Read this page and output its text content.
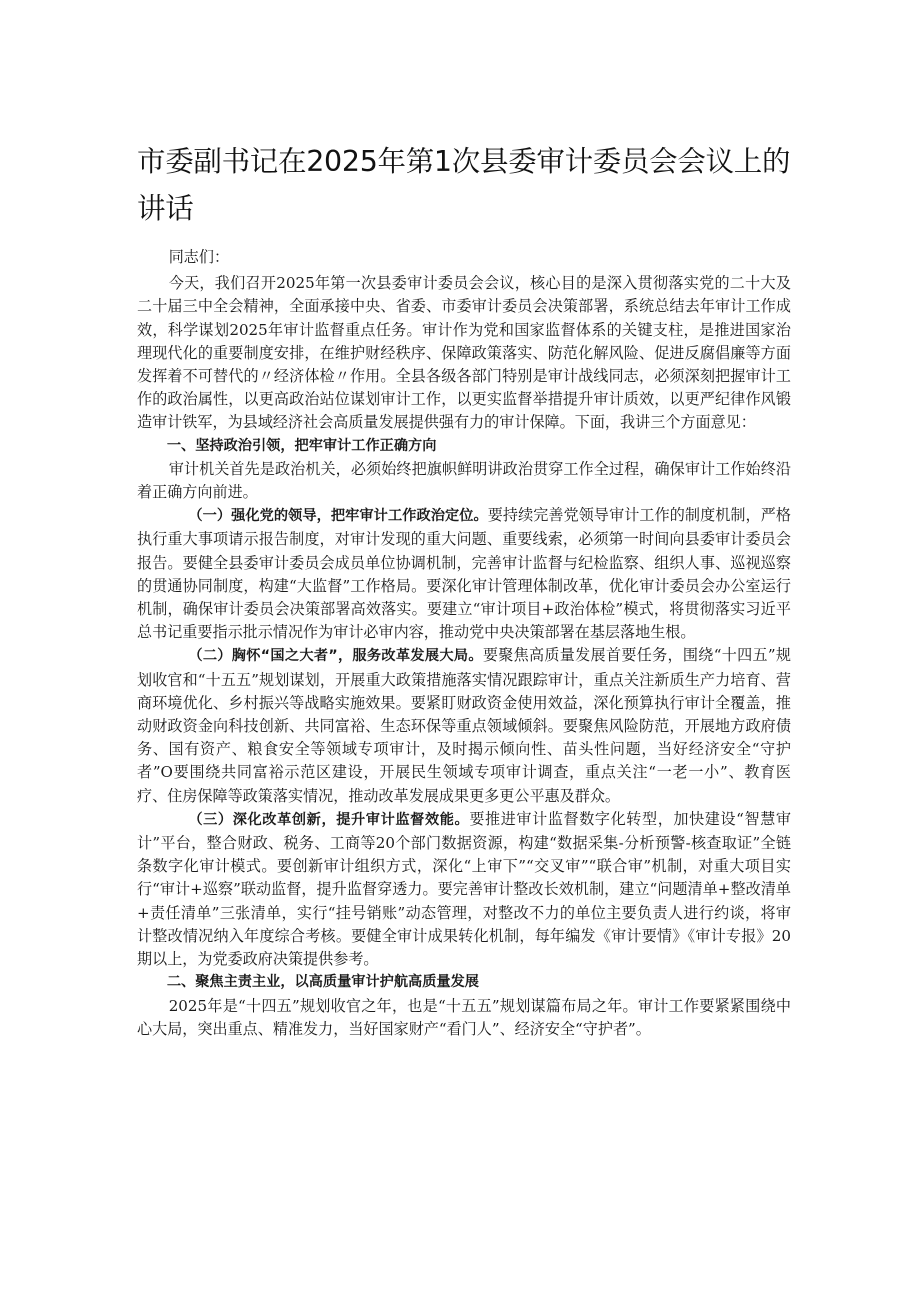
市委副书记在2025年第1次县委审计委员会会议上的讲话

同志们：

今天，我们召开2025年第一次县委审计委员会会议，核心目的是深入贯彻落实党的二十大及二十届三中全会精神，全面承接中央、省委、市委审计委员会决策部署，系统总结去年审计工作成效，科学谋划2025年审计监督重点任务。审计作为党和国家监督体系的关键支柱，是推进国家治理现代化的重要制度安排，在维护财经秩序、保障政策落实、防范化解风险、促进反腐倡廉等方面发挥着不可替代的〃经济体检〃作用。全县各级各部门特别是审计战线同志，必须深刻把握审计工作的政治属性，以更高政治站位谋划审计工作，以更实监督举措提升审计质效，以更严纪律作风锻造审计铁军，为县域经济社会高质量发展提供强有力的审计保障。下面，我讲三个方面意见：

一、坚持政治引领，把牢审计工作正确方向

审计机关首先是政治机关，必须始终把旗帜鲜明讲政治贯穿工作全过程，确保审计工作始终沿着正确方向前进。

（一）强化党的领导，把牢审计工作政治定位。要持续完善党领导审计工作的制度机制，严格执行重大事项请示报告制度，对审计发现的重大问题、重要线索，必须第一时间向县委审计委员会报告。要健全县委审计委员会成员单位协调机制，完善审计监督与纪检监察、组织人事、巡视巡察的贯通协同制度，构建“大监督”工作格局。要深化审计管理体制改革，优化审计委员会办公室运行机制，确保审计委员会决策部署高效落实。要建立“审计项目+政治体检”模式，将贯彻落实习近平总书记重要指示批示情况作为审计必审内容，推动党中央决策部署在基层落地生根。

（二）胸怀“国之大者”，服务改革发展大局。要聚焦高质量发展首要任务，围绕“十四五”规划收官和“十五五”规划谋划，开展重大政策措施落实情况跟踪审计，重点关注新质生产力培育、营商环境优化、乡村振兴等战略实施效果。要紧盯财政资金使用效益，深化预算执行审计全覆盖，推动财政资金向科技创新、共同富裕、生态环保等重点领域倾斜。要聚焦风险防范，开展地方政府债务、国有资产、粮食安全等领域专项审计，及时揭示倾向性、苗头性问题，当好经济安全“守护者”O要围绕共同富裕示范区建设，开展民生领域专项审计调查，重点关注“一老一小”、教育医疗、住房保障等政策落实情况，推动改革发展成果更多更公平惠及群众。

（三）深化改革创新，提升审计监督效能。要推进审计监督数字化转型，加快建设“智慧审计”平台，整合财政、税务、工商等20个部门数据资源，构建“数据采集-分析预警-核查取证”全链条数字化审计模式。要创新审计组织方式，深化“上审下”“交叉审”“联合审”机制，对重大项目实行“审计+巡察”联动监督，提升监督穿透力。要完善审计整改长效机制，建立“问题清单+整改清单+责任清单”三张清单，实行“挂号销账”动态管理，对整改不力的单位主要负责人进行约谈，将审计整改情况纳入年度综合考核。要健全审计成果转化机制，每年编发《审计要情》《审计专报》20期以上，为党委政府决策提供参考。

二、聚焦主责主业，以高质量审计护航高质量发展

2025年是“十四五”规划收官之年，也是“十五五”规划谋篇布局之年。审计工作要紧紧围绕中心大局，突出重点、精准发力，当好国家财产“看门人”、经济安全“守护者”。
